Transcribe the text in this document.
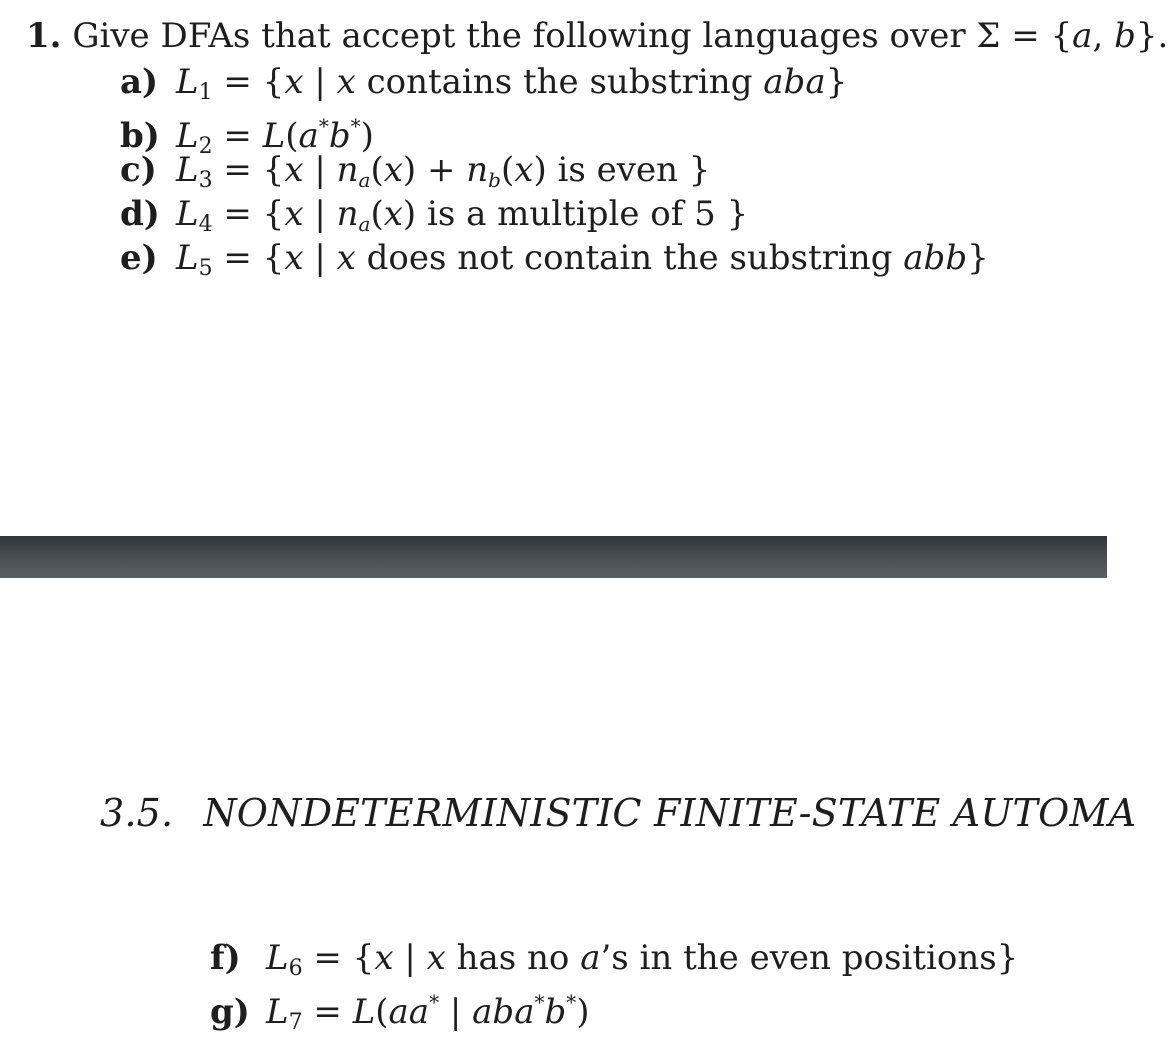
1. Give DFAs that accept the following languages over Σ = {a, b}.
a) $L_1 = \{x$ | x contains the substring aba}
b) $L_2 = L(a^*b^*)$
c) $L_3 = \{x$ | na(x) + nb(x) is even }
d) $L_4 = \{x$ | na(x) is a multiple of 5 }
e) $L_5 = \{x$ | x does not contain the substring abb}
3.5. NONDETERMINISTIC FINITE-STATE AUTOMA
f) $L_6 = \{x$ | x has no a’s in the even positions}
g) $L_7 = L(aa^*$ | aba*b*)
